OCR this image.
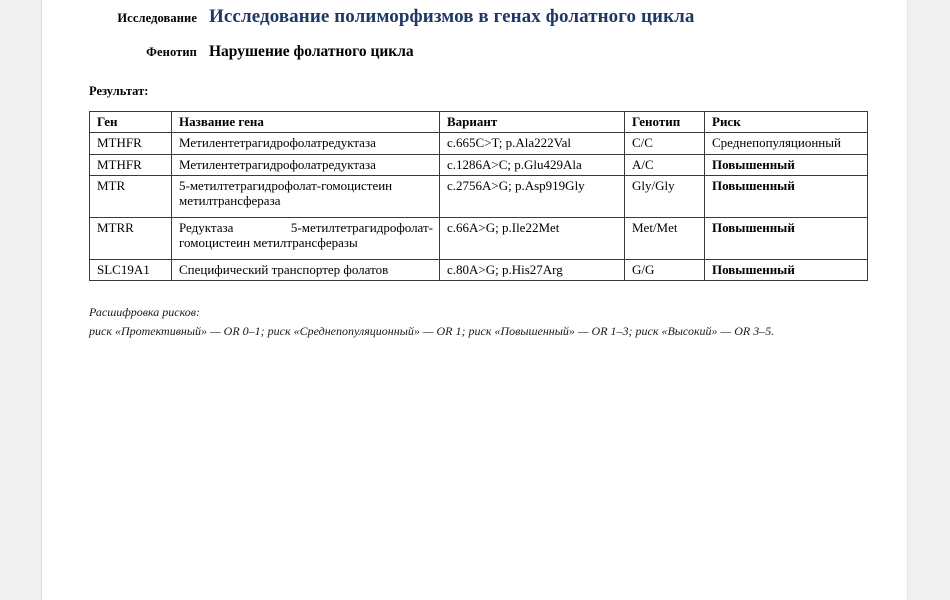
Исследование Исследование полиморфизмов в генах фолатного цикла
Фенотип Нарушение фолатного цикла
Результат:
Ген	Название гена	Вариант	Генотип	Риск
MTHFR	Метилентетрагидрофолатредуктаза	c.665C>T; p.Ala222Val	C/C	Среднепопуляционный
MTHFR	Метилентетрагидрофолатредуктаза	c.1286A>C; p.Glu429Ala	A/C	Повышенный
MTR	5-метилтетрагидрофолат-гомоцистеин метилтрансфераза	c.2756A>G; p.Asp919Gly	Gly/Gly	Повышенный
MTRR	Редуктаза 5-метилтетрагидрофолат-гомоцистеин метилтрансферазы	c.66A>G; p.Ile22Met	Met/Met	Повышенный
SLC19A1	Специфический транспортер фолатов	c.80A>G; p.His27Arg	G/G	Повышенный
Расшифровка рисков:
риск «Протективный» — OR 0–1; риск «Среднепопуляционный» — OR 1; риск «Повышенный» — OR 1–3; риск «Высокий» — OR 3–5.
